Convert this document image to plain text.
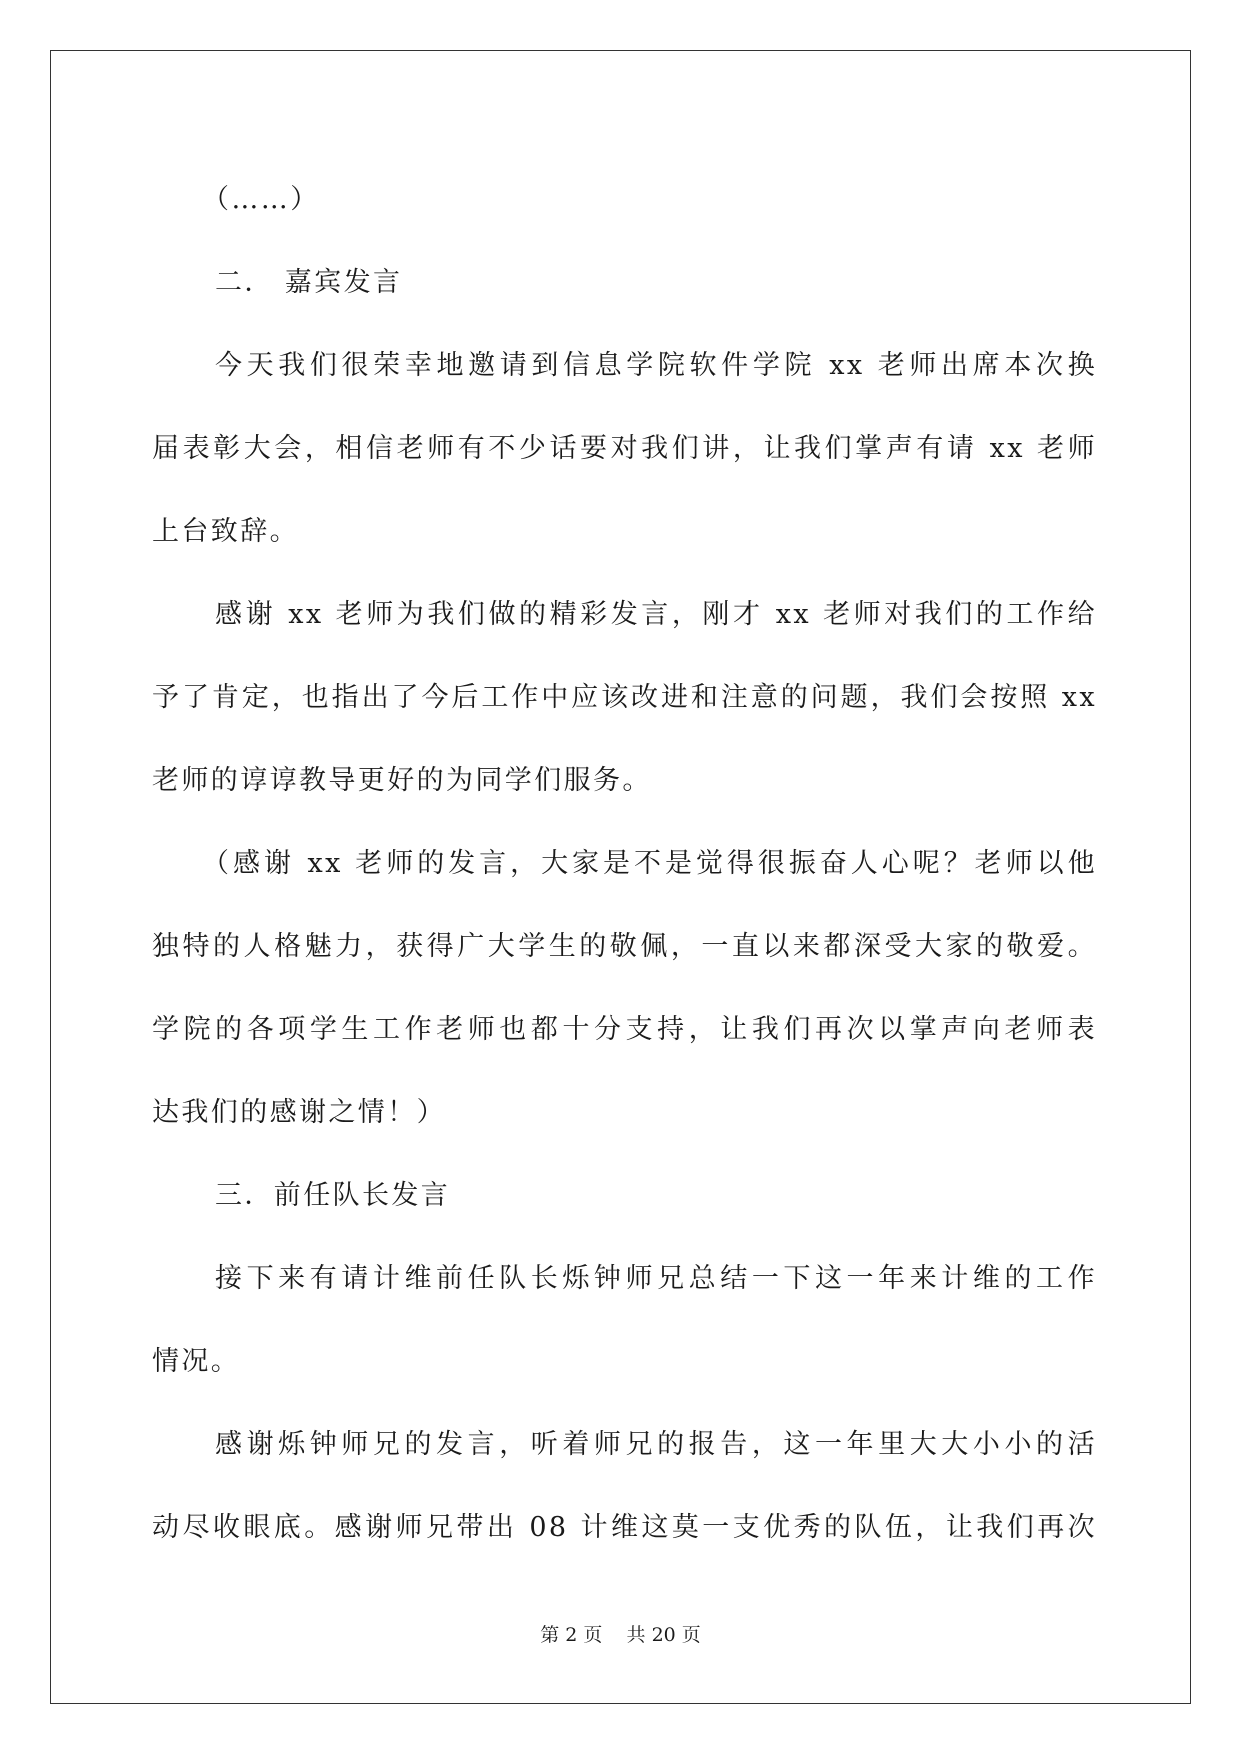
（……）
二． 嘉宾发言
今天我们很荣幸地邀请到信息学院软件学院 xx 老师出席本次换
届表彰大会，相信老师有不少话要对我们讲，让我们掌声有请 xx 老师
上台致辞。
感谢 xx 老师为我们做的精彩发言，刚才 xx 老师对我们的工作给
予了肯定，也指出了今后工作中应该改进和注意的问题，我们会按照 xx
老师的谆谆教导更好的为同学们服务。
（感谢 xx 老师的发言，大家是不是觉得很振奋人心呢？老师以他
独特的人格魅力，获得广大学生的敬佩，一直以来都深受大家的敬爱。
学院的各项学生工作老师也都十分支持，让我们再次以掌声向老师表
达我们的感谢之情！）
三．前任队长发言
接下来有请计维前任队长烁钟师兄总结一下这一年来计维的工作
情况。
感谢烁钟师兄的发言，听着师兄的报告，这一年里大大小小的活
动尽收眼底。感谢师兄带出 08 计维这莫一支优秀的队伍，让我们再次
第 2 页    共 20 页
